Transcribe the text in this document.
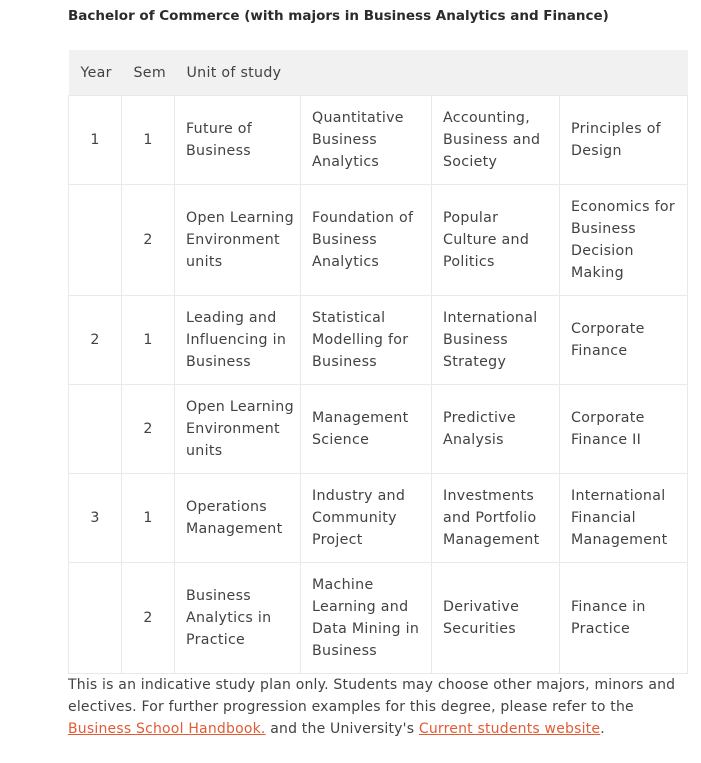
Bachelor of Commerce (with majors in Business Analytics and Finance)
Year	Sem	Unit of study			
1	1	Future of Business	Quantitative Business Analytics	Accounting, Business and Society	Principles of Design
	2	Open Learning Environment units	Foundation of Business Analytics	Popular Culture and Politics	Economics for Business Decision Making
2	1	Leading and Influencing in Business	Statistical Modelling for Business	International Business Strategy	Corporate Finance
	2	Open Learning Environment units	Management Science	Predictive Analysis	Corporate Finance II
3	1	Operations Management	Industry and Community Project	Investments and Portfolio Management	International Financial Management
	2	Business Analytics in Practice	Machine Learning and Data Mining in Business	Derivative Securities	Finance in Practice
This is an indicative study plan only. Students may choose other majors, minors and electives. For further progression examples for this degree, please refer to the Business School Handbook. and the University's Current students website.
